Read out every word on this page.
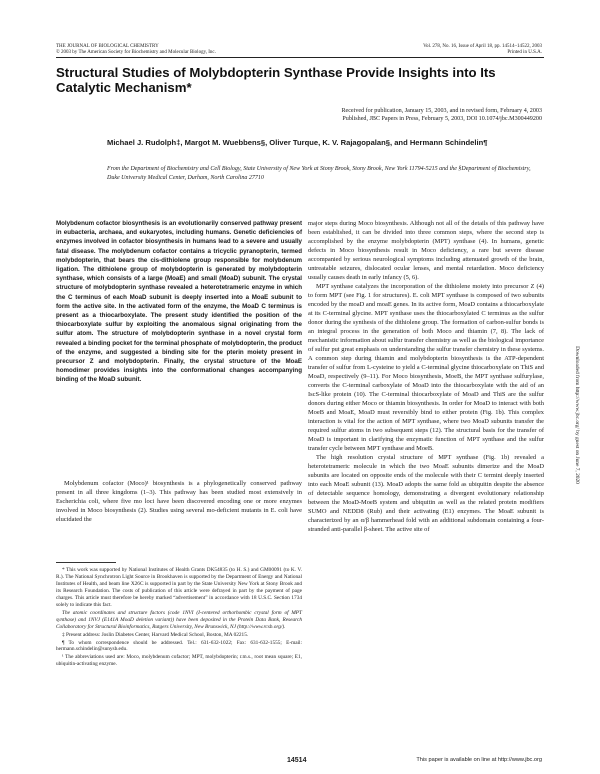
THE JOURNAL OF BIOLOGICAL CHEMISTRY
© 2003 by The American Society for Biochemistry and Molecular Biology, Inc.
Vol. 278, No. 16, Issue of April 18, pp. 14514–14522, 2003
Printed in U.S.A.
Structural Studies of Molybdopterin Synthase Provide Insights into Its Catalytic Mechanism*
Received for publication, January 15, 2003, and in revised form, February 4, 2003
Published, JBC Papers in Press, February 5, 2003, DOI 10.1074/jbc.M300449200
Michael J. Rudolph‡, Margot M. Wuebbens§, Oliver Turque, K. V. Rajagopalan§, and Hermann Schindelin¶
From the Department of Biochemistry and Cell Biology, State University of New York at Stony Brook, Stony Brook, New York 11794-5215 and the §Department of Biochemistry, Duke University Medical Center, Durham, North Carolina 27710
Molybdenum cofactor biosynthesis is an evolutionarily conserved pathway present in eubacteria, archaea, and eukaryotes, including humans. Genetic deficiencies of enzymes involved in cofactor biosynthesis in humans lead to a severe and usually fatal disease. The molybdenum cofactor contains a tricyclic pyranopterin, termed molybdopterin, that bears the cis-dithiolene group responsible for molybdenum ligation. The dithiolene group of molybdopterin is generated by molybdopterin synthase, which consists of a large (MoaE) and small (MoaD) subunit. The crystal structure of molybdopterin synthase revealed a heterotetrameric enzyme in which the C terminus of each MoaD subunit is deeply inserted into a MoaE subunit to form the active site. In the activated form of the enzyme, the MoaD C terminus is present as a thiocarboxylate. The present study identified the position of the thiocarboxylate sulfur by exploiting the anomalous signal originating from the sulfur atom. The structure of molybdopterin synthase in a novel crystal form revealed a binding pocket for the terminal phosphate of molybdopterin, the product of the enzyme, and suggested a binding site for the pterin moiety present in precursor Z and molybdopterin. Finally, the crystal structure of the MoaE homodimer provides insights into the conformational changes accompanying binding of the MoaD subunit.
Molybdenum cofactor (Moco)¹ biosynthesis is a phylogenetically conserved pathway present in all three kingdoms (1–3). This pathway has been studied most extensively in Escherichia coli, where five mo loci have been discovered encoding one or more enzymes involved in Moco biosynthesis (2). Studies using several mo-deficient mutants in E. coli have elucidated the

* This work was supported by National Institutes of Health Grants DK54835 (to H. S.) and GM00091 (to K. V. R.). The National Synchrotron Light Source in Brookhaven is supported by the Department of Energy and National Institutes of Health, and beam line X26C is supported in part by the State University New York at Stony Brook and its Research Foundation. The costs of publication of this article were defrayed in part by the payment of page charges. This article must therefore be hereby marked “advertisement” in accordance with 18 U.S.C. Section 1734 solely to indicate this fact.

The atomic coordinates and structure factors (code 1NVI (I-centered orthorhombic crystal form of MPT synthase) and 1NVJ (E141A MoaD deletion variant)) have been deposited in the Protein Data Bank, Research Collaboratory for Structural Bioinformatics, Rutgers University, New Brunswick, NJ (http://www.rcsb.org/).

‡ Present address: Joslin Diabetes Center, Harvard Medical School, Boston, MA 02215.

¶ To whom correspondence should be addressed. Tel.: 631-632-1022; Fax: 631-632-1555; E-mail: hermann.schindelin@sunysb.edu.

¹ The abbreviations used are: Moco, molybdenum cofactor; MPT, molybdopterin; r.m.s., root mean square; E1, ubiquitin-activating enzyme.

major steps during Moco biosynthesis. Although not all of the details of this pathway have been established, it can be divided into three common steps, where the second step is accomplished by the enzyme molybdopterin (MPT) synthase (4). In humans, genetic defects in Moco biosynthesis result in Moco deficiency, a rare but severe disease accompanied by serious neurological symptoms including attenuated growth of the brain, untreatable seizures, dislocated ocular lenses, and mental retardation. Moco deficiency usually causes death in early infancy (5, 6).

MPT synthase catalyzes the incorporation of the dithiolene moiety into precursor Z (4) to form MPT (see Fig. 1 for structures). E. coli MPT synthase is composed of two subunits encoded by the moaD and moaE genes. In its active form, MoaD contains a thiocarboxylate at its C-terminal glycine. MPT synthase uses the thiocarboxylated C terminus as the sulfur donor during the synthesis of the dithiolene group. The formation of carbon-sulfur bonds is an integral process in the generation of both Moco and thiamin (7, 8). The lack of mechanistic information about sulfur transfer chemistry as well as the biological importance of sulfur put great emphasis on understanding the sulfur transfer chemistry in these systems. A common step during thiamin and molybdopterin biosynthesis is the ATP-dependent transfer of sulfur from L-cysteine to yield a C-terminal glycine thiocarboxylate on ThiS and MoaD, respectively (9–11). For Moco biosynthesis, MoeB, the MPT synthase sulfurylase, converts the C-terminal carboxylate of MoaD into the thiocarboxylate with the aid of an IscS-like protein (10). The C-terminal thiocarboxylate of MoaD and ThiS are the sulfur donors during either Moco or thiamin biosynthesis. In order for MoaD to interact with both MoeB and MoaE, MoaD must reversibly bind to either protein (Fig. 1b). This complex interaction is vital for the action of MPT synthase, where two MoaD subunits transfer the required sulfur atoms in two subsequent steps (12). The structural basis for the transfer of MoaD is important in clarifying the enzymatic function of MPT synthase and the sulfur transfer cycle between MPT synthase and MoeB.

The high resolution crystal structure of MPT synthase (Fig. 1b) revealed a heterotetrameric molecule in which the two MoaE subunits dimerize and the MoaD subunits are located on opposite ends of the molecule with their C termini deeply inserted into each MoaE subunit (13). MoaD adopts the same fold as ubiquitin despite the absence of detectable sequence homology, demonstrating a divergent evolutionary relationship between the MoaD-MoeB system and ubiquitin as well as the related protein modifiers SUMO and NEDD8 (Rub) and their activating (E1) enzymes. The MoaE subunit is characterized by an α/β hammerhead fold with an additional subdomain containing a four-stranded anti-parallel β-sheet. The active site of

Downloaded from http://www.jbc.org/ by guest on June 7, 2020
14514	This paper is available on line at http://www.jbc.org
